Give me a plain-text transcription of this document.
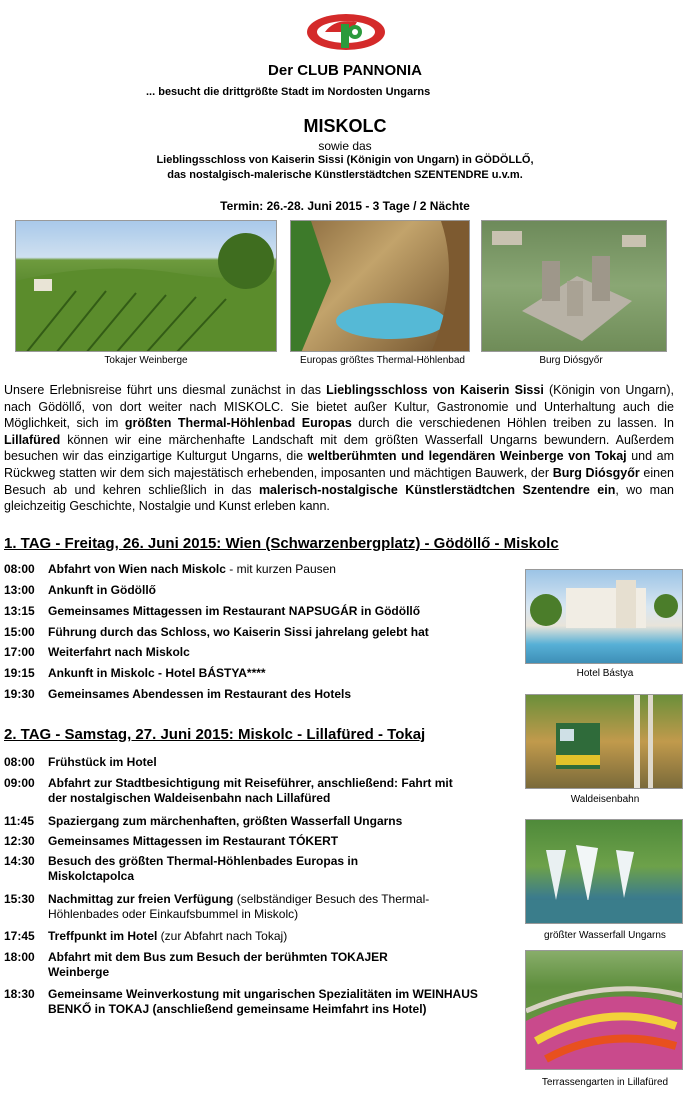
Der CLUB PANNONIA
... besucht die drittgrößte Stadt im Nordosten Ungarns
MISKOLC
sowie das
Lieblingsschloss von Kaiserin Sissi (Königin von Ungarn) in GÖDÖLLŐ,
das nostalgisch-malerische Künstlerstädtchen SZENTENDRE u.v.m.
Termin: 26.-28. Juni 2015 - 3 Tage / 2 Nächte
Tokajer Weinberge	Europas größtes Thermal-Höhlenbad	Burg Diósgyőr
Unsere Erlebnisreise führt uns diesmal zunächst in das Lieblingsschloss von Kaiserin Sissi (Königin von Ungarn), nach Gödöllő, von dort weiter nach MISKOLC. Sie bietet außer Kultur, Gastronomie und Unterhaltung auch die Möglichkeit, sich im größten Thermal-Höhlenbad Europas durch die verschiedenen Höhlen treiben zu lassen. In Lillafüred können wir eine märchenhafte Landschaft mit dem größten Wasserfall Ungarns bewundern. Außerdem besuchen wir das einzigartige Kulturgut Ungarns, die weltberühmten und legendären Weinberge von Tokaj und am Rückweg statten wir dem sich majestätisch erhebenden, imposanten und mächtigen Bauwerk, der Burg Diósgyőr einen Besuch ab und kehren schließlich in das malerisch-nostalgische Künstlerstädtchen Szentendre ein, wo man gleichzeitig Geschichte, Nostalgie und Kunst erleben kann.
1. TAG - Freitag, 26. Juni 2015: Wien (Schwarzenbergplatz) - Gödöllő - Miskolc
08:00	Abfahrt von Wien nach Miskolc - mit kurzen Pausen
13:00	Ankunft in Gödöllő
13:15	Gemeinsames Mittagessen im Restaurant NAPSUGÁR in Gödöllő
15:00	Führung durch das Schloss, wo Kaiserin Sissi jahrelang gelebt hat
17:00	Weiterfahrt nach Miskolc
19:15	Ankunft in Miskolc - Hotel BÁSTYA****
19:30	Gemeinsames Abendessen im Restaurant des Hotels
2. TAG - Samstag, 27. Juni 2015: Miskolc - Lillafüred - Tokaj
08:00	Frühstück im Hotel
09:00	Abfahrt zur Stadtbesichtigung mit Reiseführer, anschließend: Fahrt mit der nostalgischen Waldeisenbahn nach Lillafüred
11:45	Spaziergang zum märchenhaften, größten Wasserfall Ungarns
12:30	Gemeinsames Mittagessen im Restaurant TÓKERT
14:30	Besuch des größten Thermal-Höhlenbades Europas in Miskolctapolca
15:30	Nachmittag zur freien Verfügung (selbständiger Besuch des Thermal-Höhlenbades oder Einkaufsbummel in Miskolc)
17:45	Treffpunkt im Hotel (zur Abfahrt nach Tokaj)
18:00	Abfahrt mit dem Bus zum Besuch der berühmten TOKAJER Weinberge
18:30	Gemeinsame Weinverkostung mit ungarischen Spezialitäten im WEINHAUS BENKŐ in TOKAJ (anschließend gemeinsame Heimfahrt ins Hotel)
Hotel Bástya
Waldeisenbahn
größter Wasserfall Ungarns
Terrassengarten in Lillafüred
